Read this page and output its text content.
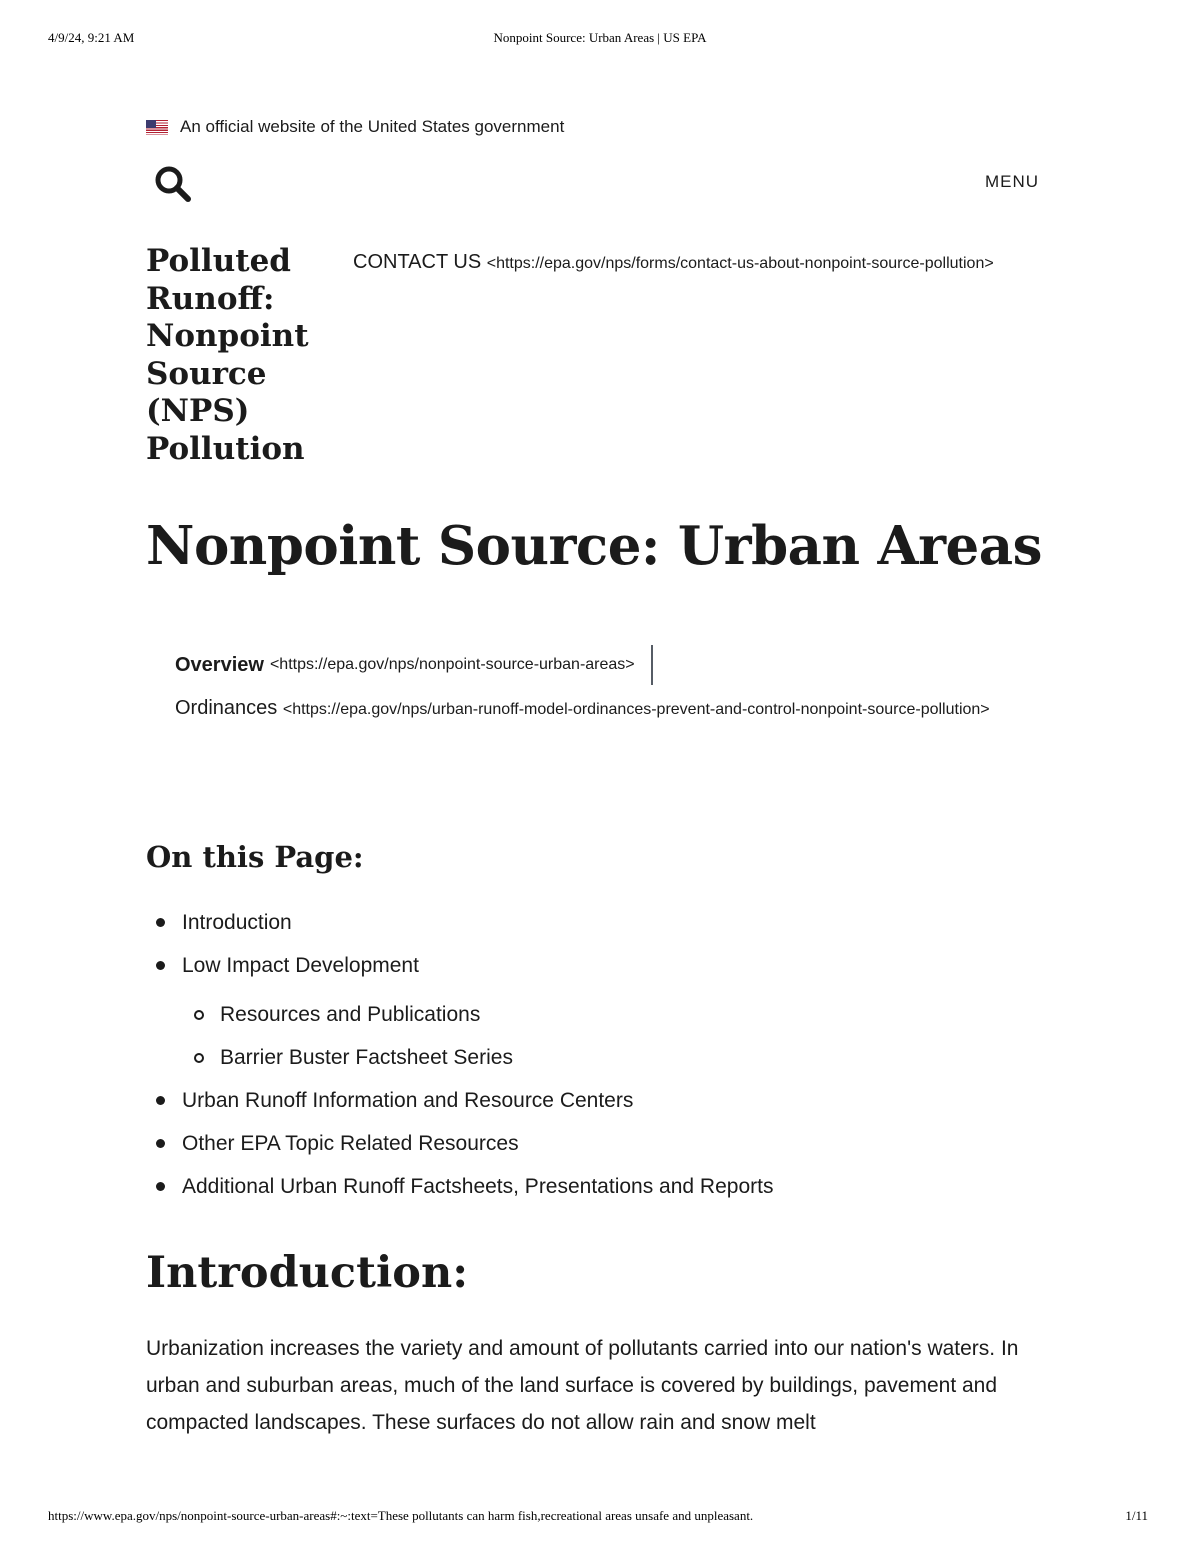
4/9/24, 9:21 AM	Nonpoint Source: Urban Areas | US EPA
An official website of the United States government
MENU
Polluted Runoff: Nonpoint Source (NPS) Pollution
CONTACT US <https://epa.gov/nps/forms/contact-us-about-nonpoint-source-pollution>
Nonpoint Source: Urban Areas
Overview <https://epa.gov/nps/nonpoint-source-urban-areas>
Ordinances <https://epa.gov/nps/urban-runoff-model-ordinances-prevent-and-control-nonpoint-source-pollution>
On this Page:
Introduction
Low Impact Development
Resources and Publications
Barrier Buster Factsheet Series
Urban Runoff Information and Resource Centers
Other EPA Topic Related Resources
Additional Urban Runoff Factsheets, Presentations and Reports
Introduction:

Urbanization increases the variety and amount of pollutants carried into our nation's waters. In urban and suburban areas, much of the land surface is covered by buildings, pavement and compacted landscapes. These surfaces do not allow rain and snow melt

https://www.epa.gov/nps/nonpoint-source-urban-areas#:~:text=These pollutants can harm fish,recreational areas unsafe and unpleasant.	1/11
